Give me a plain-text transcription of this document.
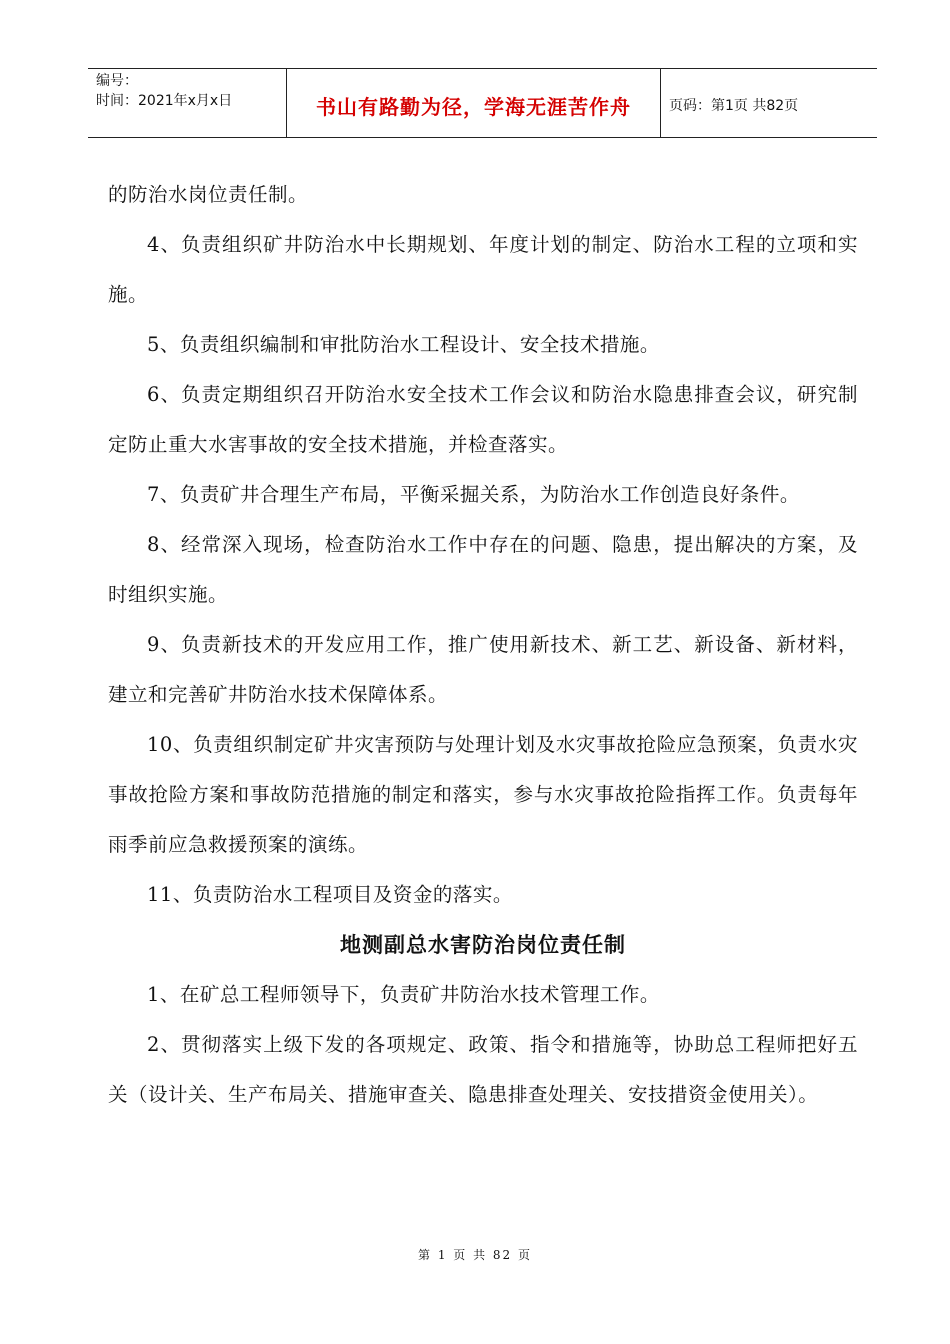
编号：
时间：2021年x月x日	书山有路勤为径，学海无涯苦作舟	页码：第1页 共82页

的防治水岗位责任制。

4、负责组织矿井防治水中长期规划、年度计划的制定、防治水工程的立项和实施。

5、负责组织编制和审批防治水工程设计、安全技术措施。

6、负责定期组织召开防治水安全技术工作会议和防治水隐患排查会议，研究制定防止重大水害事故的安全技术措施，并检查落实。

7、负责矿井合理生产布局，平衡采掘关系，为防治水工作创造良好条件。

8、经常深入现场，检查防治水工作中存在的问题、隐患，提出解决的方案，及时组织实施。

9、负责新技术的开发应用工作，推广使用新技术、新工艺、新设备、新材料，建立和完善矿井防治水技术保障体系。

10、负责组织制定矿井灾害预防与处理计划及水灾事故抢险应急预案，负责水灾事故抢险方案和事故防范措施的制定和落实，参与水灾事故抢险指挥工作。负责每年雨季前应急救援预案的演练。

11、负责防治水工程项目及资金的落实。

地测副总水害防治岗位责任制

1、在矿总工程师领导下，负责矿井防治水技术管理工作。

2、贯彻落实上级下发的各项规定、政策、指令和措施等，协助总工程师把好五关（设计关、生产布局关、措施审查关、隐患排查处理关、安技措资金使用关）。

第 1 页 共 82 页
